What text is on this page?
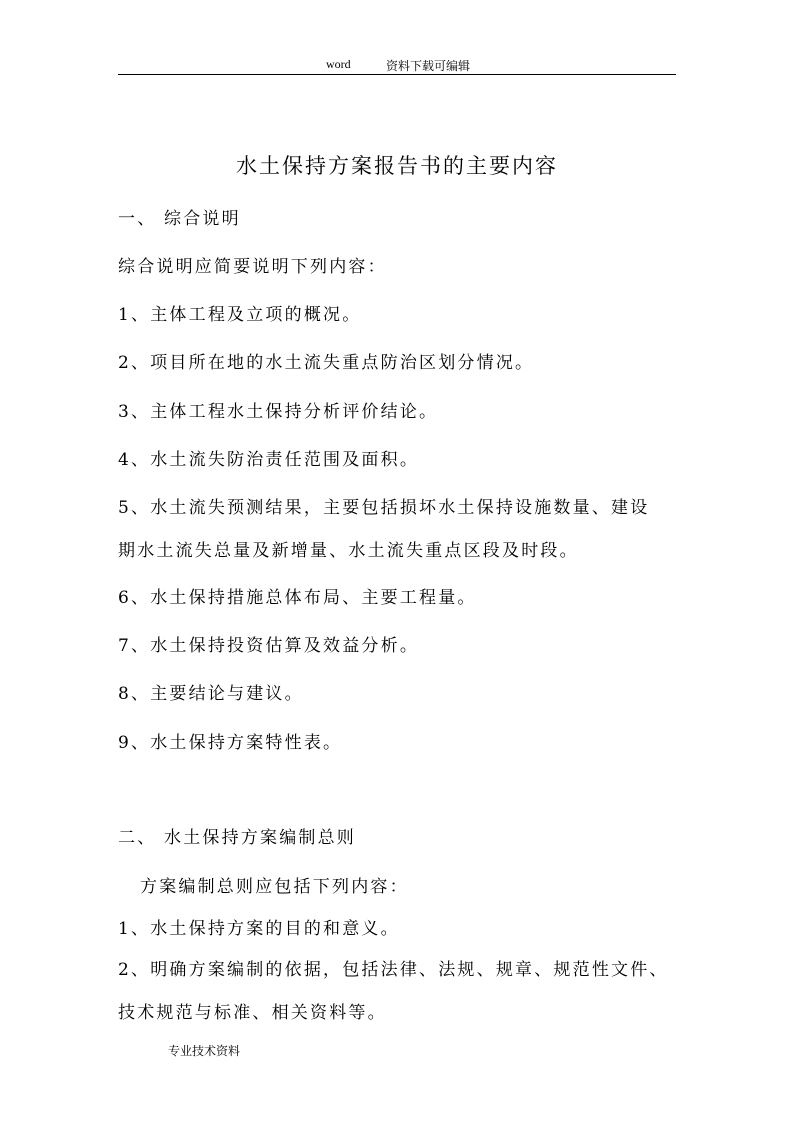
word	资料下载可编辑
水土保持方案报告书的主要内容
一、 综合说明
综合说明应简要说明下列内容：
1、主体工程及立项的概况。
2、项目所在地的水土流失重点防治区划分情况。
3、主体工程水土保持分析评价结论。
4、水土流失防治责任范围及面积。
5、水土流失预测结果，主要包括损坏水土保持设施数量、建设
期水土流失总量及新增量、水土流失重点区段及时段。
6、水土保持措施总体布局、主要工程量。
7、水土保持投资估算及效益分析。
8、主要结论与建议。
9、水土保持方案特性表。
二、 水土保持方案编制总则
方案编制总则应包括下列内容：
1、水土保持方案的目的和意义。
2、明确方案编制的依据，包括法律、法规、规章、规范性文件、
技术规范与标准、相关资料等。
专业技术资料
